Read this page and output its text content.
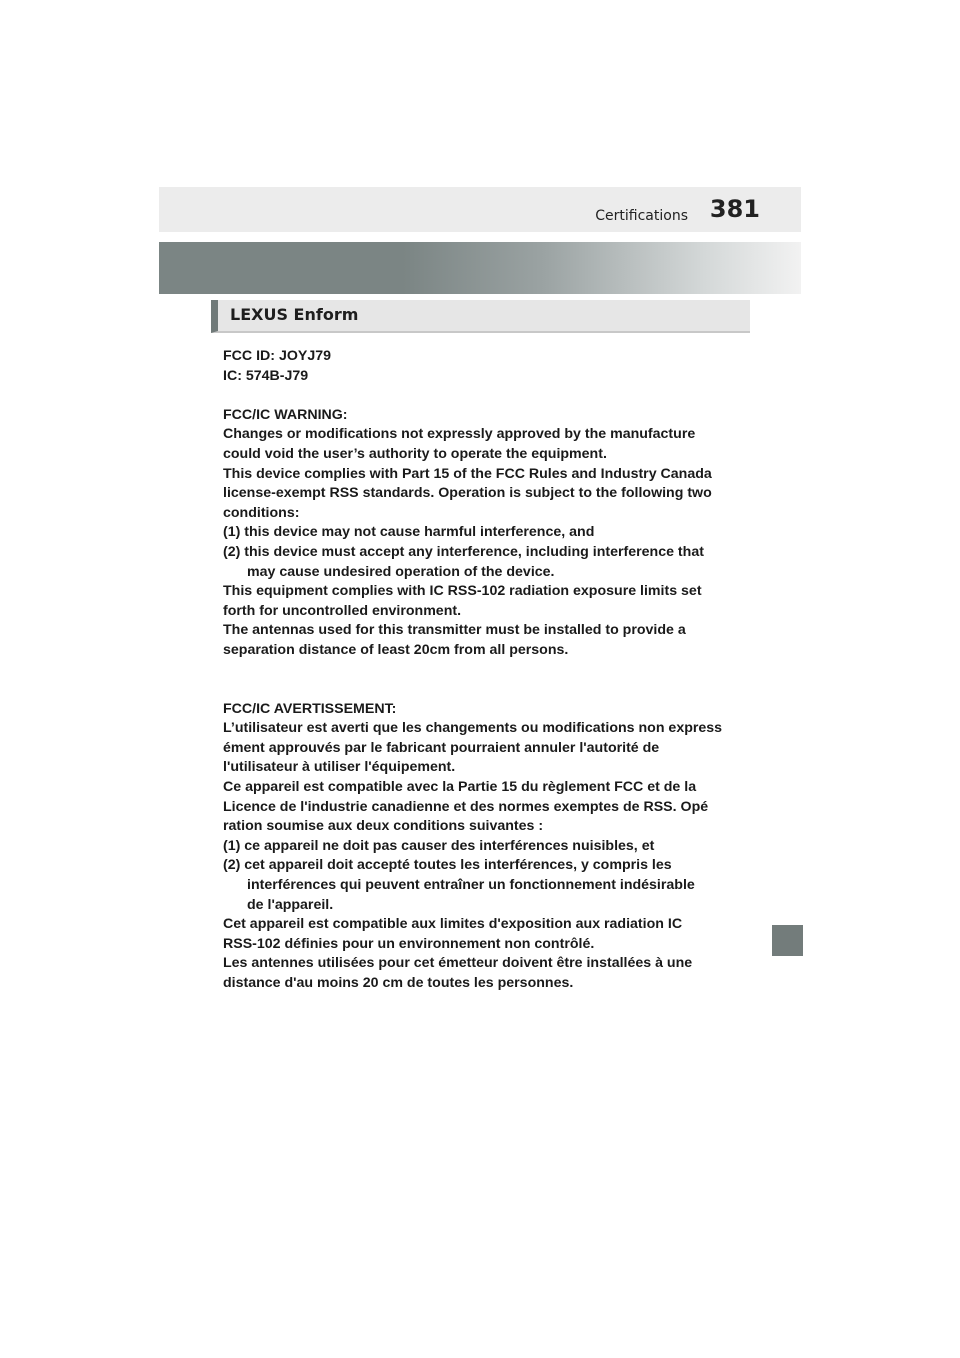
Certifications 381
LEXUS Enform
FCC ID: JOYJ79
IC: 574B-J79
FCC/IC WARNING:
Changes or modifications not expressly approved by the manufacture
could void the user’s authority to operate the equipment.
This device complies with Part 15 of the FCC Rules and Industry Canada
license-exempt RSS standards. Operation is subject to the following two
conditions:
(1) this device may not cause harmful interference, and
(2) this device must accept any interference, including interference that
may cause undesired operation of the device.
This equipment complies with IC RSS-102 radiation exposure limits set
forth for uncontrolled environment.
The antennas used for this transmitter must be installed to provide a
separation distance of least 20cm from all persons.
FCC/IC AVERTISSEMENT:
L’utilisateur est averti que les changements ou modifications non express
ément approuvés par le fabricant pourraient annuler l'autorité de
l'utilisateur à utiliser l'équipement.
Ce appareil est compatible avec la Partie 15 du règlement FCC et de la
Licence de l'industrie canadienne et des normes exemptes de RSS. Opé
ration soumise aux deux conditions suivantes :
(1) ce appareil ne doit pas causer des interférences nuisibles, et
(2) cet appareil doit accepté toutes les interférences, y compris les
interférences qui peuvent entraîner un fonctionnement indésirable
de l'appareil.
Cet appareil est compatible aux limites d'exposition aux radiation IC
RSS-102 définies pour un environnement non contrôlé.
Les antennes utilisées pour cet émetteur doivent être installées à une
distance d'au moins 20 cm de toutes les personnes.
